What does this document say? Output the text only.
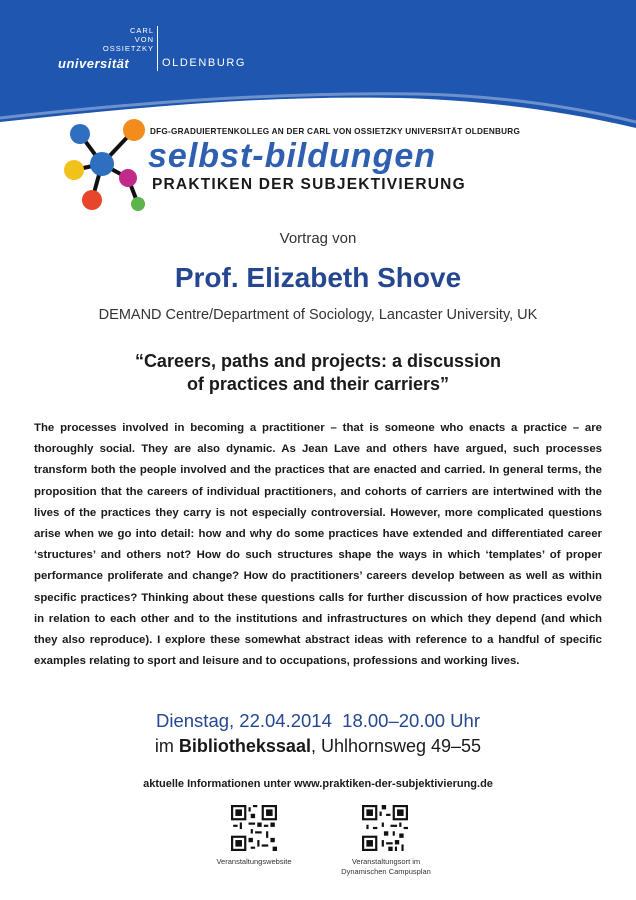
CARL
VON
OSSIETZKY
universität	OLDENBURG
DFG-GRADUIERTENKOLLEG AN DER CARL VON OSSIETZKY UNIVERSITÄT OLDENBURG
selbst-bildungen
PRAKTIKEN DER SUBJEKTIVIERUNG
Vortrag von
Prof. Elizabeth Shove
DEMAND Centre/Department of Sociology, Lancaster University, UK
“Careers, paths and projects: a discussion
of practices and their carriers”
The processes involved in becoming a practitioner – that is someone who enacts a practice – are thoroughly social. They are also dynamic. As Jean Lave and others have argued, such processes transform both the people involved and the practices that are enacted and carried. In general terms, the proposition that the careers of individual practitioners, and cohorts of carriers are intertwined with the lives of the practices they carry is not especially controversial. However, more complicated questions arise when we go into detail: how and why do some practices have extended and differentiated career ‘structures’ and others not? How do such structures shape the ways in which ‘templates’ of proper performance proliferate and change? How do practitioners’ careers develop between as well as within specific practices? Thinking about these questions calls for further discussion of how practices evolve in relation to each other and to the institutions and infrastructures on which they depend (and which they also reproduce). I explore these somewhat abstract ideas with reference to a handful of specific examples relating to sport and leisure and to occupations, professions and working lives.
Dienstag, 22.04.2014  18.00–20.00 Uhr
im Bibliothekssaal, Uhlhornsweg 49–55
aktuelle Informationen unter www.praktiken-der-subjektivierung.de
Veranstaltungswebsite	Veranstaltungsort im
Dynamischen Campusplan
